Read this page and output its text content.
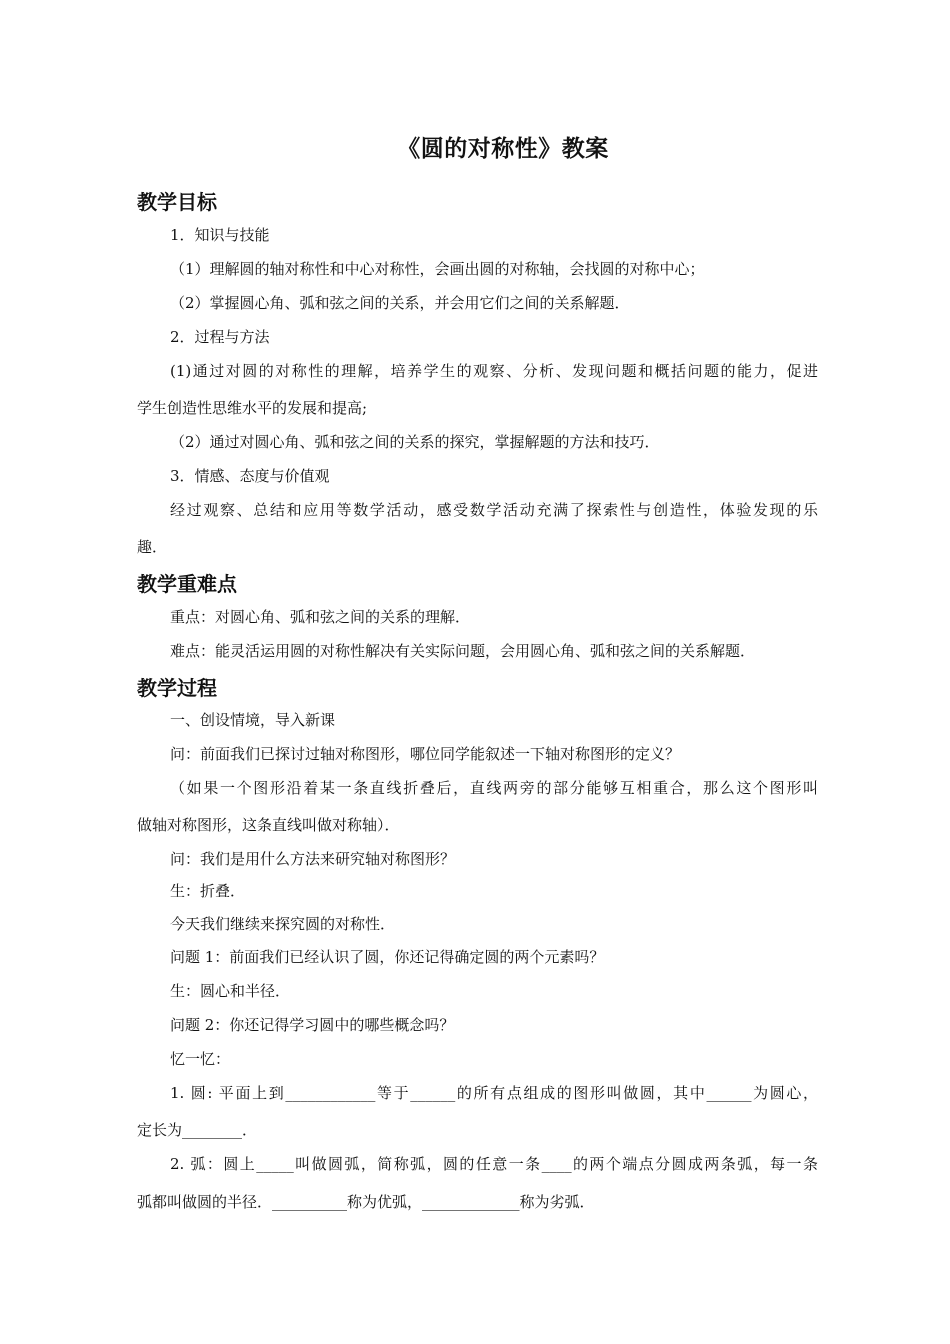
《圆的对称性》教案
教学目标
1．知识与技能
（1）理解圆的轴对称性和中心对称性，会画出圆的对称轴，会找圆的对称中心；
（2）掌握圆心角、弧和弦之间的关系，并会用它们之间的关系解题．
2．过程与方法
(1)通过对圆的对称性的理解，培养学生的观察、分析、发现问题和概括问题的能力，促进
学生创造性思维水平的发展和提高;
（2）通过对圆心角、弧和弦之间的关系的探究，掌握解题的方法和技巧．
3．情感、态度与价值观
经过观察、总结和应用等数学活动，感受数学活动充满了探索性与创造性，体验发现的乐
趣．
教学重难点
重点：对圆心角、弧和弦之间的关系的理解．
难点：能灵活运用圆的对称性解决有关实际问题，会用圆心角、弧和弦之间的关系解题．
教学过程
一、创设情境，导入新课
问：前面我们已探讨过轴对称图形，哪位同学能叙述一下轴对称图形的定义？
（如果一个图形沿着某一条直线折叠后，直线两旁的部分能够互相重合，那么这个图形叫
做轴对称图形，这条直线叫做对称轴）．
问：我们是用什么方法来研究轴对称图形？
生：折叠．
今天我们继续来探究圆的对称性．
问题 1：前面我们已经认识了圆，你还记得确定圆的两个元素吗？
生：圆心和半径．
问题 2：你还记得学习圆中的哪些概念吗？
忆一忆：
1. 圆: 平面上到____________等于______的所有点组成的图形叫做圆，其中______为圆心，
定长为________．
2. 弧：圆上_____叫做圆弧，简称弧，圆的任意一条____的两个端点分圆成两条弧，每一条
弧都叫做圆的半径．__________称为优弧，_____________称为劣弧．
